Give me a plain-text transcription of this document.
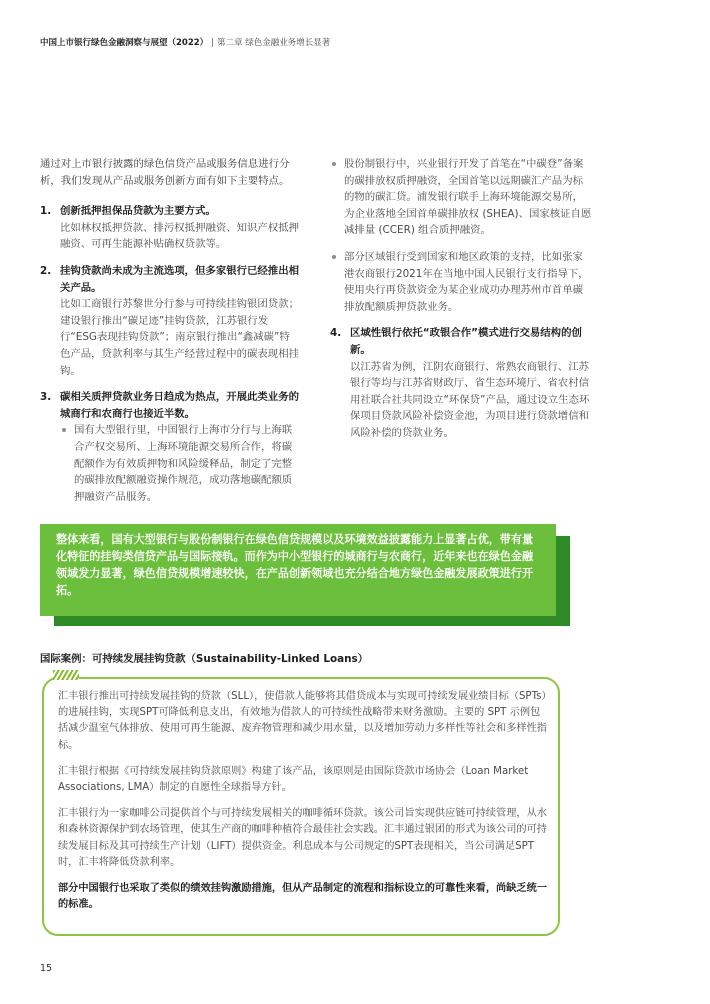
中国上市银行绿色金融洞察与展望（2022） | 第二章 绿色金融业务增长显著

通过对上市银行披露的绿色信贷产品或服务信息进行分析，我们发现从产品或服务创新方面有如下主要特点。

1. 创新抵押担保品贷款为主要方式。
比如林权抵押贷款、排污权抵押融资、知识产权抵押融资、可再生能源补贴确权贷款等。
2. 挂钩贷款尚未成为主流选项，但多家银行已经推出相关产品。
比如工商银行苏黎世分行参与可持续挂钩银团贷款；建设银行推出“碳足迹”挂钩贷款，江苏银行发行“ESG表现挂钩贷款”；南京银行推出“鑫减碳”特色产品，贷款利率与其生产经营过程中的碳表现相挂钩。
3. 碳相关质押贷款业务日趋成为热点，开展此类业务的城商行和农商行也接近半数。
国有大型银行里，中国银行上海市分行与上海联合产权交易所、上海环境能源交易所合作，将碳配额作为有效质押物和风险缓释品，制定了完整的碳排放配额融资操作规范，成功落地碳配额质押融资产品服务。
股份制银行中，兴业银行开发了首笔在“中碳登”备案的碳排放权质押融资，全国首笔以远期碳汇产品为标的物的碳汇贷。浦发银行联手上海环境能源交易所，为企业落地全国首单碳排放权 (SHEA)、国家核证自愿减排量 (CCER) 组合质押融资。
部分区域银行受到国家和地区政策的支持，比如张家港农商银行2021年在当地中国人民银行支行指导下，使用央行再贷款资金为某企业成功办理苏州市首单碳排放配额质押贷款业务。
4. 区域性银行依托“政银合作”模式进行交易结构的创新。
以江苏省为例，江阴农商银行、常熟农商银行、江苏银行等均与江苏省财政厅、省生态环境厅、省农村信用社联合社共同设立“环保贷”产品，通过设立生态环保项目贷款风险补偿资金池，为项目进行贷款增信和风险补偿的贷款业务。
整体来看，国有大型银行与股份制银行在绿色信贷规模以及环境效益披露能力上显著占优，带有量化特征的挂钩类信贷产品与国际接轨。而作为中小型银行的城商行与农商行，近年来也在绿色金融领域发力显著，绿色信贷规模增速较快，在产品创新领域也充分结合地方绿色金融发展政策进行开拓。
国际案例：可持续发展挂钩贷款（Sustainability-Linked Loans）

汇丰银行推出可持续发展挂钩的贷款（SLL），使借款人能够将其借贷成本与实现可持续发展业绩目标（SPTs）的进展挂钩，实现SPT可降低利息支出，有效地为借款人的可持续性战略带来财务激励。主要的 SPT 示例包括减少温室气体排放、使用可再生能源、废弃物管理和减少用水量，以及增加劳动力多样性等社会和多样性指标。

汇丰银行根据《可持续发展挂钩贷款原则》构建了该产品，该原则是由国际贷款市场协会（Loan Market Associations, LMA）制定的自愿性全球指导方针。

汇丰银行为一家咖啡公司提供首个与可持续发展相关的咖啡循环贷款。该公司旨实现供应链可持续管理，从水和森林资源保护到农场管理，使其生产商的咖啡种植符合最佳社会实践。汇丰通过银团的形式为该公司的可持续发展目标及其可持续生产计划（LIFT）提供资金。利息成本与公司规定的SPT表现相关，当公司满足SPT时，汇丰将降低贷款利率。

部分中国银行也采取了类似的绩效挂钩激励措施，但从产品制定的流程和指标设立的可靠性来看，尚缺乏统一的标准。

15
